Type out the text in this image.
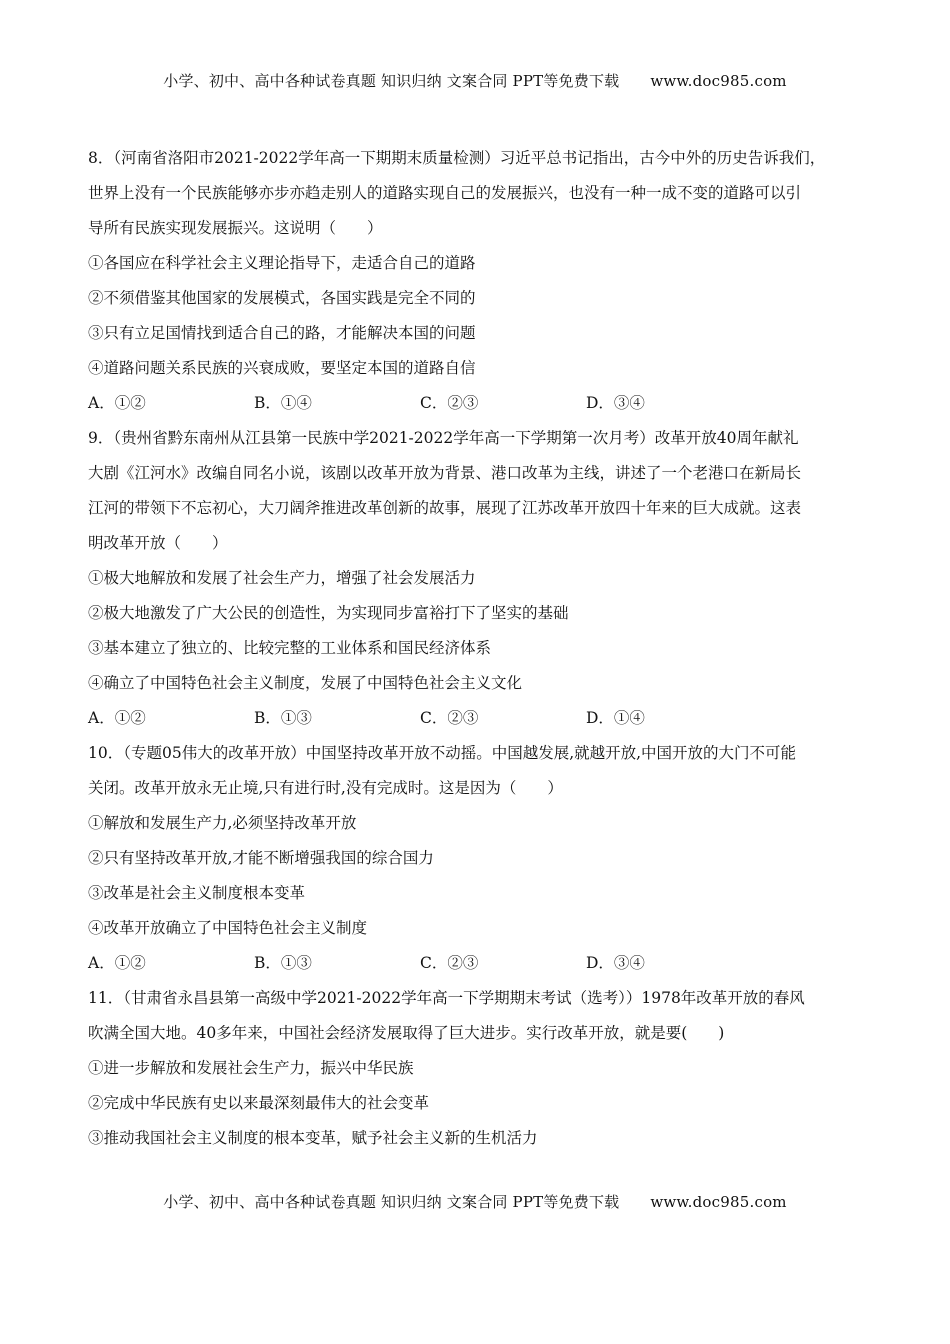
小学、初中、高中各种试卷真题 知识归纳 文案合同 PPT等免费下载 www.doc985.com
8．（河南省洛阳市2021-2022学年高一下期期末质量检测）习近平总书记指出，古今中外的历史告诉我们，
世界上没有一个民族能够亦步亦趋走别人的道路实现自己的发展振兴，也没有一种一成不变的道路可以引
导所有民族实现发展振兴。这说明（　　）
①各国应在科学社会主义理论指导下，走适合自己的道路
②不须借鉴其他国家的发展模式，各国实践是完全不同的
③只有立足国情找到适合自己的路，才能解决本国的问题
④道路问题关系民族的兴衰成败，要坚定本国的道路自信
A．①②	B．①④	C．②③	D．③④
9．（贵州省黔东南州从江县第一民族中学2021-2022学年高一下学期第一次月考）改革开放40周年献礼
大剧《江河水》改编自同名小说，该剧以改革开放为背景、港口改革为主线，讲述了一个老港口在新局长
江河的带领下不忘初心，大刀阔斧推进改革创新的故事，展现了江苏改革开放四十年来的巨大成就。这表
明改革开放（　　）
①极大地解放和发展了社会生产力，增强了社会发展活力
②极大地激发了广大公民的创造性，为实现同步富裕打下了坚实的基础
③基本建立了独立的、比较完整的工业体系和国民经济体系
④确立了中国特色社会主义制度，发展了中国特色社会主义文化
A．①②	B．①③	C．②③	D．①④
10．（专题05伟大的改革开放）中国坚持改革开放不动摇。中国越发展,就越开放,中国开放的大门不可能
关闭。改革开放永无止境,只有进行时,没有完成时。这是因为（　　）
①解放和发展生产力,必须坚持改革开放
②只有坚持改革开放,才能不断增强我国的综合国力
③改革是社会主义制度根本变革
④改革开放确立了中国特色社会主义制度
A．①②	B．①③	C．②③	D．③④
11．（甘肃省永昌县第一高级中学2021-2022学年高一下学期期末考试（选考））1978年改革开放的春风
吹满全国大地。40多年来，中国社会经济发展取得了巨大进步。实行改革开放，就是要(　　)
①进一步解放和发展社会生产力，振兴中华民族
②完成中华民族有史以来最深刻最伟大的社会变革
③推动我国社会主义制度的根本变革，赋予社会主义新的生机活力
小学、初中、高中各种试卷真题 知识归纳 文案合同 PPT等免费下载 www.doc985.com
